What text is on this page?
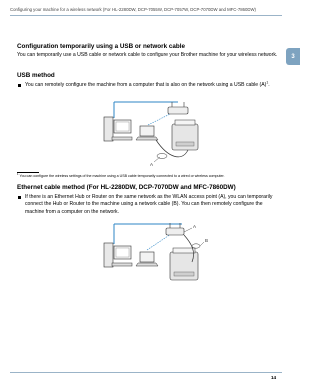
Configuring your machine for a wireless network (For HL-2280DW, DCP-7055W, DCP-7057W, DCP-7070DW and MFC-7860DW)
3
Configuration temporarily using a USB or network cable
You can temporarily use a USB cable or network cable to configure your Brother machine for your wireless network.
USB method
You can remotely configure the machine from a computer that is also on the network using a USB cable (A)$^1$.
A
$^1$ You can configure the wireless settings of the machine using a USB cable temporarily connected to a wired or wireless computer.
Ethernet cable method (For HL-2280DW, DCP-7070DW and MFC-7860DW)
If there is an Ethernet Hub or Router on the same network as the WLAN access point (A), you can temporarily connect the Hub or Router to the machine using a network cable (B). You can then remotely configure the machine from a computer on the network.
A
B
14
